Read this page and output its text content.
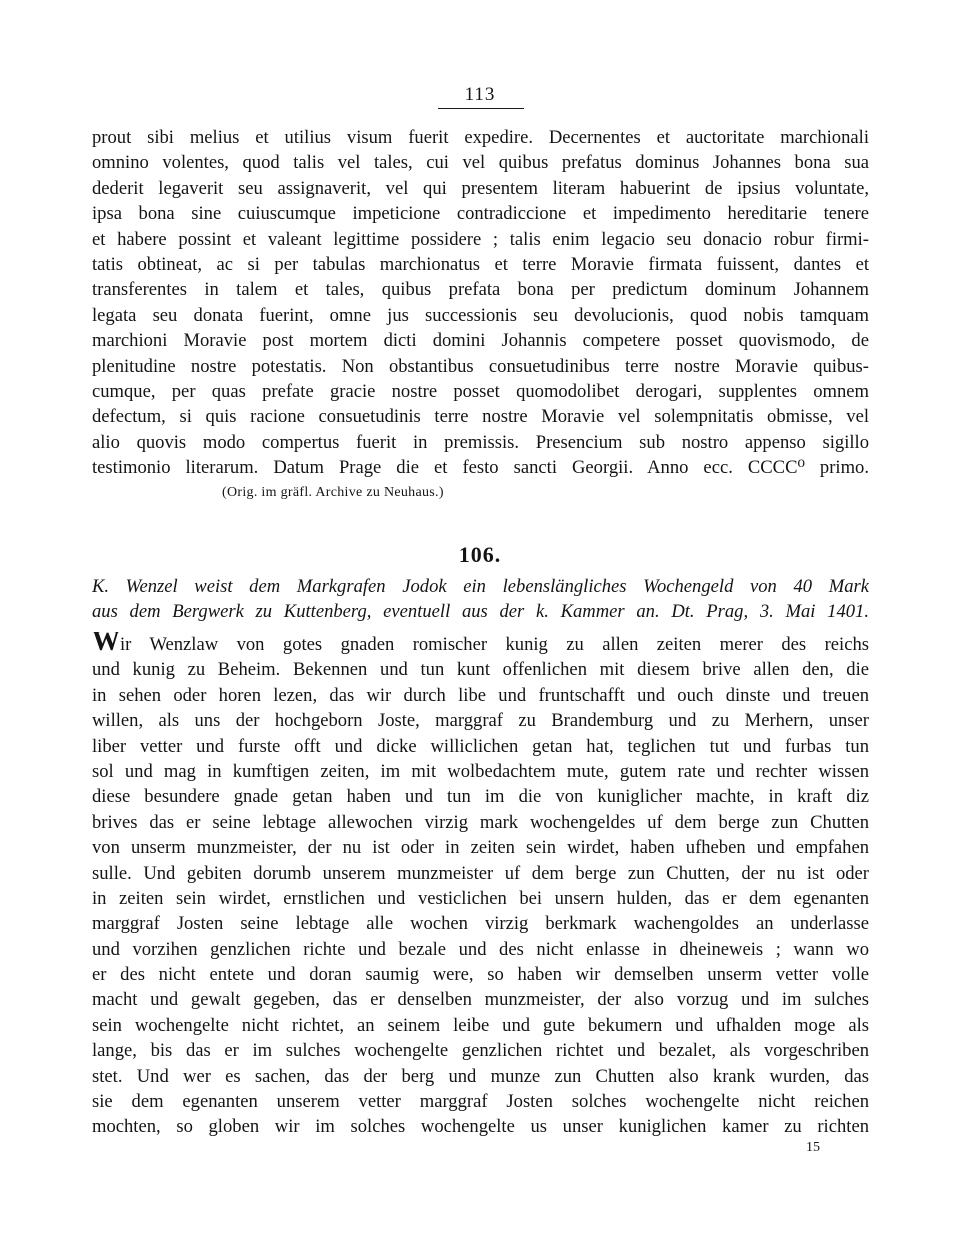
113
prout sibi melius et utilius visum fuerit expedire. Decernentes et auctoritate marchionali
omnino volentes, quod talis vel tales, cui vel quibus prefatus dominus Johannes bona sua
dederit legaverit seu assignaverit, vel qui presentem literam habuerint de ipsius voluntate,
ipsa bona sine cuiuscumque impeticione contradiccione et impedimento hereditarie tenere
et habere possint et valeant legittime possidere ; talis enim legacio seu donacio robur firmi-
tatis obtineat, ac si per tabulas marchionatus et terre Moravie firmata fuissent, dantes et
transferentes in talem et tales, quibus prefata bona per predictum dominum Johannem
legata seu donata fuerint, omne jus successionis seu devolucionis, quod nobis tamquam
marchioni Moravie post mortem dicti domini Johannis competere posset quovismodo, de
plenitudine nostre potestatis. Non obstantibus consuetudinibus terre nostre Moravie quibus-
cumque, per quas prefate gracie nostre posset quomodolibet derogari, supplentes omnem
defectum, si quis racione consuetudinis terre nostre Moravie vel solempnitatis obmisse, vel
alio quovis modo compertus fuerit in premissis. Presencium sub nostro appenso sigillo
testimonio literarum. Datum Prage die et festo sancti Georgii. Anno ecc. CCCC⁰ primo.
(Orig. im gräfl. Archive zu Neuhaus.)
106.
K. Wenzel weist dem Markgrafen Jodok ein lebenslängliches Wochengeld von 40 Mark
aus dem Bergwerk zu Kuttenberg, eventuell aus der k. Kammer an. Dt. Prag, 3. Mai 1401.
Wir Wenzlaw von gotes gnaden romischer kunig zu allen zeiten merer des reichs
und kunig zu Beheim. Bekennen und tun kunt offenlichen mit diesem brive allen den, die
in sehen oder horen lezen, das wir durch libe und fruntschafft und ouch dinste und treuen
willen, als uns der hochgeborn Joste, marggraf zu Brandemburg und zu Merhern, unser
liber vetter und furste offt und dicke williclichen getan hat, teglichen tut und furbas tun
sol und mag in kumftigen zeiten, im mit wolbedachtem mute, gutem rate und rechter wissen
diese besundere gnade getan haben und tun im die von kuniglicher machte, in kraft diz
brives das er seine lebtage allewochen virzig mark wochengeldes uf dem berge zun Chutten
von unserm munzmeister, der nu ist oder in zeiten sein wirdet, haben ufheben und empfahen
sulle. Und gebiten dorumb unserem munzmeister uf dem berge zun Chutten, der nu ist oder
in zeiten sein wirdet, ernstlichen und vesticlichen bei unsern hulden, das er dem egenanten
marggraf Josten seine lebtage alle wochen virzig berkmark wachengoldes an underlasse
und vorzihen genzlichen richte und bezale und des nicht enlasse in dheineweis ; wann wo
er des nicht entete und doran saumig were, so haben wir demselben unserm vetter volle
macht und gewalt gegeben, das er denselben munzmeister, der also vorzug und im sulches
sein wochengelte nicht richtet, an seinem leibe und gute bekumern und ufhalden moge als
lange, bis das er im sulches wochengelte genzlichen richtet und bezalet, als vorgeschriben
stet. Und wer es sachen, das der berg und munze zun Chutten also krank wurden, das
sie dem egenanten unserem vetter marggraf Josten solches wochengelte nicht reichen
mochten, so globen wir im solches wochengelte us unser kuniglichen kamer zu richten
15
